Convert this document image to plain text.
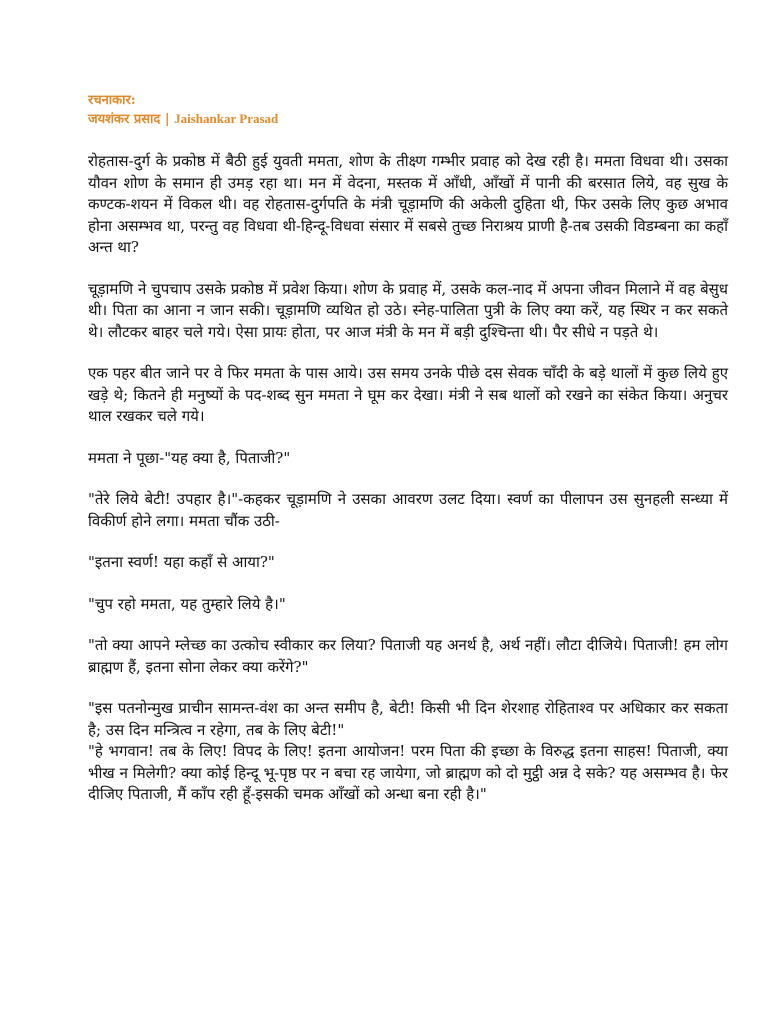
रचनाकार:
जयशंकर प्रसाद | Jaishankar Prasad

रोहतास-दुर्ग के प्रकोष्ठ में बैठी हुई युवती ममता, शोण के तीक्ष्ण गम्भीर प्रवाह को देख रही है। ममता विधवा थी। उसका यौवन शोण के समान ही उमड़ रहा था। मन में वेदना, मस्तक में आँधी, आँखों में पानी की बरसात लिये, वह सुख के कण्टक-शयन में विकल थी। वह रोहतास-दुर्गपति के मंत्री चूड़ामणि की अकेली दुहिता थी, फिर उसके लिए कुछ अभाव होना असम्भव था, परन्तु वह विधवा थी-हिन्दू-विधवा संसार में सबसे तुच्छ निराश्रय प्राणी है-तब उसकी विडम्बना का कहाँ अन्त था?

चूड़ामणि ने चुपचाप उसके प्रकोष्ठ में प्रवेश किया। शोण के प्रवाह में, उसके कल-नाद में अपना जीवन मिलाने में वह बेसुध थी। पिता का आना न जान सकी। चूड़ामणि व्यथित हो उठे। स्नेह-पालिता पुत्री के लिए क्या करें, यह स्थिर न कर सकते थे। लौटकर बाहर चले गये। ऐसा प्रायः होता, पर आज मंत्री के मन में बड़ी दुश्चिन्ता थी। पैर सीधे न पड़ते थे।

एक पहर बीत जाने पर वे फिर ममता के पास आये। उस समय उनके पीछे दस सेवक चाँदी के बड़े थालों में कुछ लिये हुए खड़े थे; कितने ही मनुष्यों के पद-शब्द सुन ममता ने घूम कर देखा। मंत्री ने सब थालों को रखने का संकेत किया। अनुचर थाल रखकर चले गये।

ममता ने पूछा-"यह क्या है, पिताजी?"

"तेरे लिये बेटी! उपहार है।"-कहकर चूड़ामणि ने उसका आवरण उलट दिया। स्वर्ण का पीलापन उस सुनहली सन्ध्या में विकीर्ण होने लगा। ममता चौंक उठी-

"इतना स्वर्ण! यहा कहाँ से आया?"

"चुप रहो ममता, यह तुम्हारे लिये है।"

"तो क्या आपने म्लेच्छ का उत्कोच स्वीकार कर लिया? पिताजी यह अनर्थ है, अर्थ नहीं। लौटा दीजिये। पिताजी! हम लोग ब्राह्मण हैं, इतना सोना लेकर क्या करेंगे?"

"इस पतनोन्मुख प्राचीन सामन्त-वंश का अन्त समीप है, बेटी! किसी भी दिन शेरशाह रोहिताश्व पर अधिकार कर सकता है; उस दिन मन्त्रित्व न रहेगा, तब के लिए बेटी!"

"हे भगवान! तब के लिए! विपद के लिए! इतना आयोजन! परम पिता की इच्छा के विरुद्ध इतना साहस! पिताजी, क्या भीख न मिलेगी? क्या कोई हिन्दू भू-पृष्ठ पर न बचा रह जायेगा, जो ब्राह्मण को दो मुट्ठी अन्न दे सके? यह असम्भव है। फेर दीजिए पिताजी, मैं काँप रही हूँ-इसकी चमक आँखों को अन्धा बना रही है।"
